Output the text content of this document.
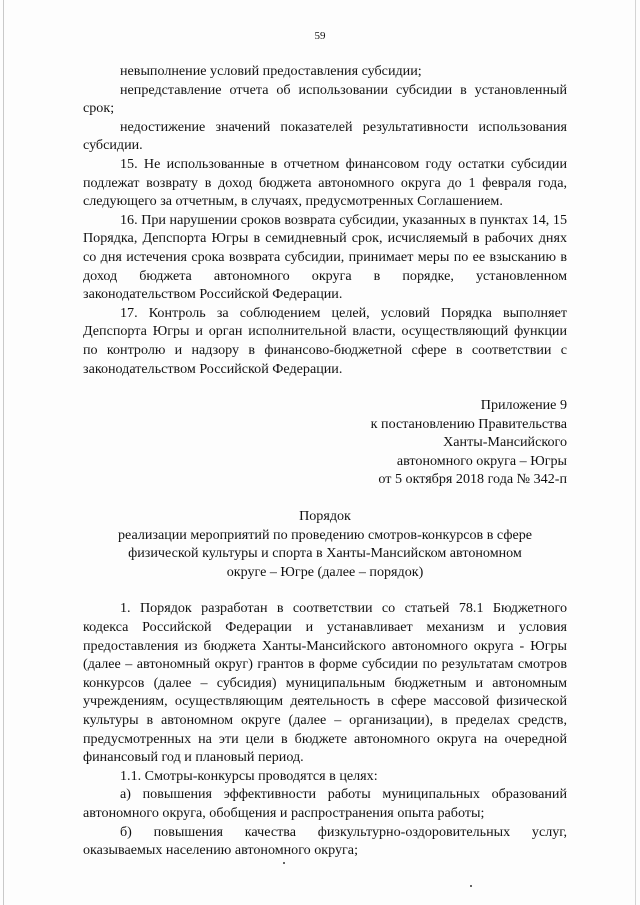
59

невыполнение условий предоставления субсидии;

непредставление отчета об использовании субсидии в установленный срок;

недостижение значений показателей результативности использования субсидии.

15. Не использованные в отчетном финансовом году остатки субсидии подлежат возврату в доход бюджета автономного округа до 1 февраля года, следующего за отчетным, в случаях, предусмотренных Соглашением.

16. При нарушении сроков возврата субсидии, указанных в пунктах 14, 15 Порядка, Депспорта Югры в семидневный срок, исчисляемый в рабочих днях со дня истечения срока возврата субсидии, принимает меры по ее взысканию в доход бюджета автономного округа в порядке, установленном законодательством Российской Федерации.

17. Контроль за соблюдением целей, условий Порядка выполняет Депспорта Югры и орган исполнительной власти, осуществляющий функции по контролю и надзору в финансово-бюджетной сфере в соответствии с законодательством Российской Федерации.

Приложение 9

к постановлению Правительства

Ханты-Мансийского

автономного округа – Югры

от 5 октября 2018 года № 342-п

Порядок

реализации мероприятий по проведению смотров-конкурсов в сфере

физической культуры и спорта в Ханты-Мансийском автономном

округе – Югре (далее – порядок)

1. Порядок разработан в соответствии со статьей 78.1 Бюджетного кодекса Российской Федерации и устанавливает механизм и условия предоставления из бюджета Ханты-Мансийского автономного округа - Югры (далее – автономный округ) грантов в форме субсидии по результатам смотров конкурсов (далее – субсидия) муниципальным бюджетным и автономным учреждениям, осуществляющим деятельность в сфере массовой физической культуры в автономном округе (далее – организации), в пределах средств, предусмотренных на эти цели в бюджете автономного округа на очередной финансовый год и плановый период.

1.1. Смотры-конкурсы проводятся в целях:

а) повышения эффективности работы муниципальных образований автономного округа, обобщения и распространения опыта работы;

б) повышения качества физкультурно-оздоровительных услуг, оказываемых населению автономного округа;
